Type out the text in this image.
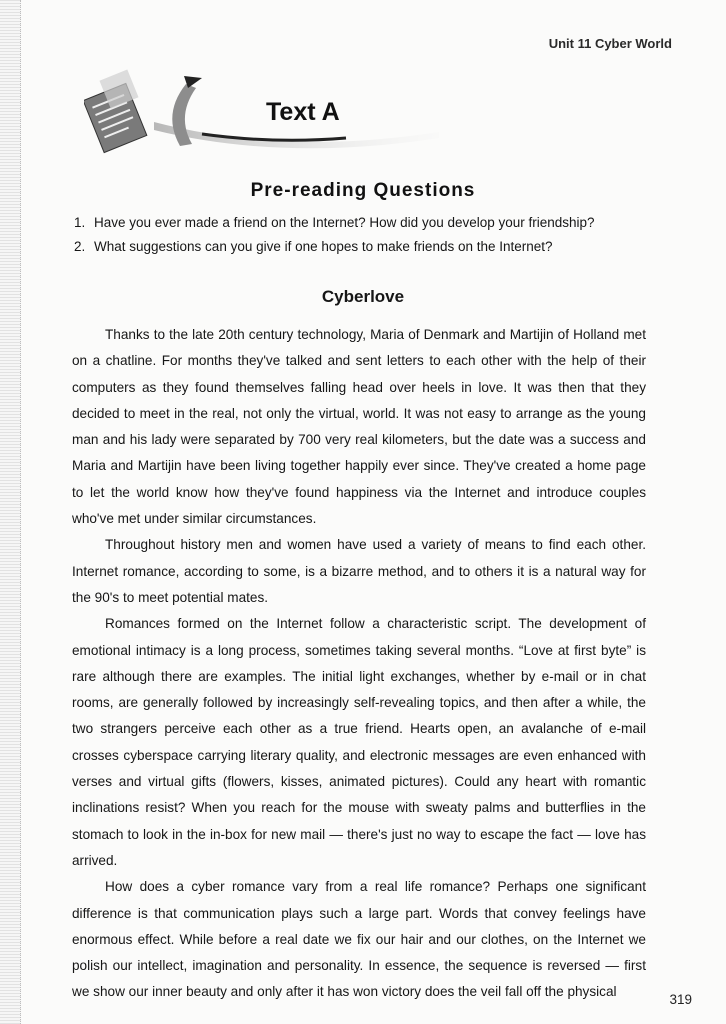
Unit 11 Cyber World
Text A
Pre-reading Questions
1. Have you ever made a friend on the Internet? How did you develop your friendship?
2. What suggestions can you give if one hopes to make friends on the Internet?
Cyberlove

Thanks to the late 20th century technology, Maria of Denmark and Martijin of Holland met on a chatline. For months they've talked and sent letters to each other with the help of their computers as they found themselves falling head over heels in love. It was then that they decided to meet in the real, not only the virtual, world. It was not easy to arrange as the young man and his lady were separated by 700 very real kilometers, but the date was a success and Maria and Martijin have been living together happily ever since. They've created a home page to let the world know how they've found happiness via the Internet and introduce couples who've met under similar circumstances.

Throughout history men and women have used a variety of means to find each other. Internet romance, according to some, is a bizarre method, and to others it is a natural way for the 90's to meet potential mates.

Romances formed on the Internet follow a characteristic script. The development of emotional intimacy is a long process, sometimes taking several months. “Love at first byte” is rare although there are examples. The initial light exchanges, whether by e-mail or in chat rooms, are generally followed by increasingly self-revealing topics, and then after a while, the two strangers perceive each other as a true friend. Hearts open, an avalanche of e-mail crosses cyberspace carrying literary quality, and electronic messages are even enhanced with verses and virtual gifts (flowers, kisses, animated pictures). Could any heart with romantic inclinations resist? When you reach for the mouse with sweaty palms and butterflies in the stomach to look in the in-box for new mail — there's just no way to escape the fact — love has arrived.

How does a cyber romance vary from a real life romance? Perhaps one significant difference is that communication plays such a large part. Words that convey feelings have enormous effect. While before a real date we fix our hair and our clothes, on the Internet we polish our intellect, imagination and personality. In essence, the sequence is reversed — first we show our inner beauty and only after it has won victory does the veil fall off the physical

319
